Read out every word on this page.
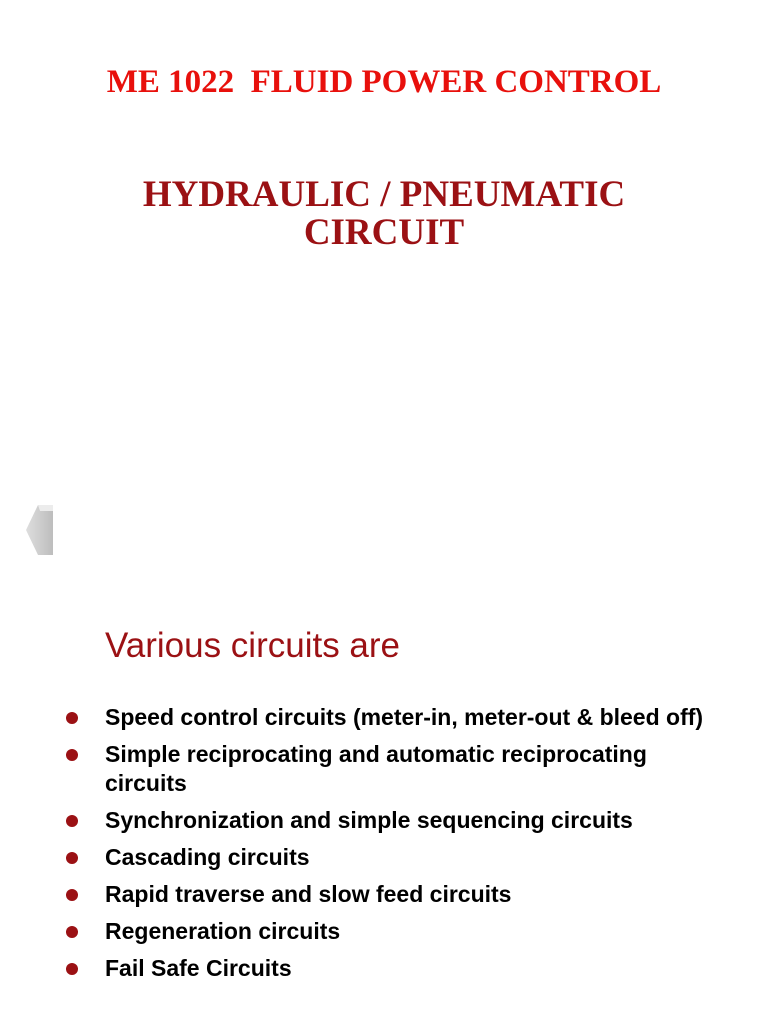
ME 1022  FLUID POWER CONTROL
HYDRAULIC / PNEUMATIC
CIRCUIT
Various circuits are
Speed control circuits (meter-in, meter-out & bleed off)
Simple reciprocating and automatic reciprocating circuits
Synchronization and simple sequencing circuits
Cascading circuits
Rapid traverse and slow feed circuits
Regeneration circuits
Fail Safe Circuits
